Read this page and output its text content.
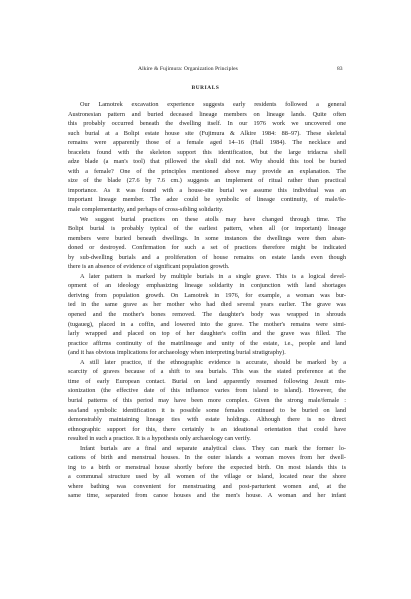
Alkire & Fujimura: Organization Principles	83
BURIALS
Our Lamotrek excavation experience suggests early residents followed a general
Austronesian pattern and buried deceased lineage members on lineage lands. Quite often
this probably occurred beneath the dwelling itself. In our 1976 work we uncovered one
such burial at a Bolipi estate house site (Fujimura & Alkire 1984: 88–97). These skeletal
remains were apparently those of a female aged 14–16 (Hall 1984). The necklace and
bracelets found with the skeleton support this identification, but the large tridacna shell
adze blade (a man's tool) that pillowed the skull did not. Why should this tool be buried
with a female? One of the principles mentioned above may provide an explanation. The
size of the blade (27.6 by 7.6 cm.) suggests an implement of ritual rather than practical
importance. As it was found with a house-site burial we assume this individual was an
important lineage member. The adze could be symbolic of lineage continuity, of male/fe-
male complementarity, and perhaps of cross-sibling solidarity.
We suggest burial practices on these atolls may have changed through time. The
Bolipi burial is probably typical of the earliest pattern, when all (or important) lineage
members were buried beneath dwellings. In some instances the dwellings were then aban-
doned or destroyed. Confirmation for such a set of practices therefore might be indicated
by sub-dwelling burials and a proliferation of house remains on estate lands even though
there is an absence of evidence of significant population growth.
A later pattern is marked by multiple burials in a single grave. This is a logical devel-
opment of an ideology emphasizing lineage solidarity in conjunction with land shortages
deriving from population growth. On Lamotrek in 1976, for example, a woman was bur-
ied in the same grave as her mother who had died several years earlier. The grave was
opened and the mother's bones removed. The daughter's body was wrapped in shrouds
(tugaueg), placed in a coffin, and lowered into the grave. The mother's remains were simi-
larly wrapped and placed on top of her daughter's coffin and the grave was filled. The
practice affirms continuity of the matrilineage and unity of the estate, i.e., people and land
(and it has obvious implications for archaeology when interpreting burial stratigraphy).
A still later practice, if the ethnographic evidence is accurate, should be marked by a
scarcity of graves because of a shift to sea burials. This was the stated preference at the
time of early European contact. Burial on land apparently resumed following Jesuit mis-
sionization (the effective date of this influence varies from island to island). However, the
burial patterns of this period may have been more complex. Given the strong male/female :
sea/land symbolic identification it is possible some females continued to be buried on land
demonstrably maintaining lineage ties with estate holdings. Although there is no direct
ethnographic support for this, there certainly is an ideational orientation that could have
resulted in such a practice. It is a hypothesis only archaeology can verify.
Infant burials are a final and separate analytical class. They can mark the former lo-
cations of birth and menstrual houses. In the outer islands a woman moves from her dwell-
ing to a birth or menstrual house shortly before the expected birth. On most islands this is
a communal structure used by all women of the village or island, located near the shore
where bathing was convenient for menstruating and post-parturient women and, at the
same time, separated from canoe houses and the men's house. A woman and her infant
